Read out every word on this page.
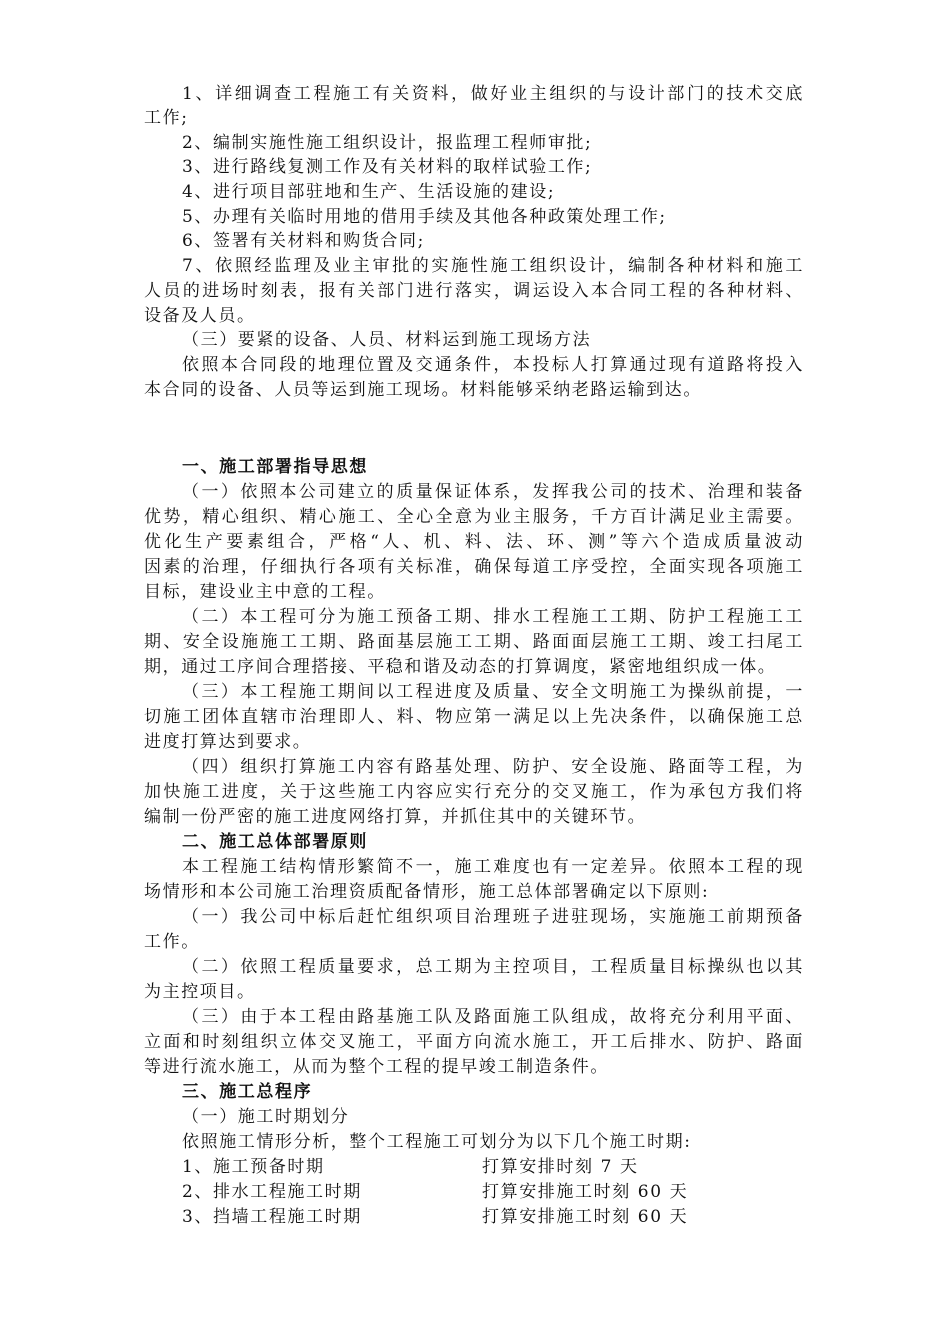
1、详细调查工程施工有关资料，做好业主组织的与设计部门的技术交底
工作;
2、编制实施性施工组织设计，报监理工程师审批;
3、进行路线复测工作及有关材料的取样试验工作;
4、进行项目部驻地和生产、生活设施的建设;
5、办理有关临时用地的借用手续及其他各种政策处理工作;
6、签署有关材料和购货合同;
7、依照经监理及业主审批的实施性施工组织设计，编制各种材料和施工
人员的进场时刻表，报有关部门进行落实，调运设入本合同工程的各种材料、
设备及人员。
（三）要紧的设备、人员、材料运到施工现场方法
依照本合同段的地理位置及交通条件，本投标人打算通过现有道路将投入
本合同的设备、人员等运到施工现场。材料能够采纳老路运输到达。
一、施工部署指导思想
（一）依照本公司建立的质量保证体系，发挥我公司的技术、治理和装备
优势，精心组织、精心施工、全心全意为业主服务，千方百计满足业主需要。
优化生产要素组合，严格“人、机、料、法、环、测”等六个造成质量波动
因素的治理，仔细执行各项有关标准，确保每道工序受控，全面实现各项施工
目标，建设业主中意的工程。
（二）本工程可分为施工预备工期、排水工程施工工期、防护工程施工工
期、安全设施施工工期、路面基层施工工期、路面面层施工工期、竣工扫尾工
期，通过工序间合理搭接、平稳和谐及动态的打算调度，紧密地组织成一体。
（三）本工程施工期间以工程进度及质量、安全文明施工为操纵前提，一
切施工团体直辖市治理即人、料、物应第一满足以上先决条件，以确保施工总
进度打算达到要求。
（四）组织打算施工内容有路基处理、防护、安全设施、路面等工程，为
加快施工进度，关于这些施工内容应实行充分的交叉施工，作为承包方我们将
编制一份严密的施工进度网络打算，并抓住其中的关键环节。
二、施工总体部署原则
本工程施工结构情形繁简不一，施工难度也有一定差异。依照本工程的现
场情形和本公司施工治理资质配备情形，施工总体部署确定以下原则:
（一）我公司中标后赶忙组织项目治理班子进驻现场，实施施工前期预备
工作。
（二）依照工程质量要求，总工期为主控项目，工程质量目标操纵也以其
为主控项目。
（三）由于本工程由路基施工队及路面施工队组成，故将充分利用平面、
立面和时刻组织立体交叉施工，平面方向流水施工，开工后排水、防护、路面
等进行流水施工，从而为整个工程的提早竣工制造条件。
三、施工总程序
（一）施工时期划分
依照施工情形分析，整个工程施工可划分为以下几个施工时期:
1、施工预备时期	打算安排时刻 7 天
2、排水工程施工时期	打算安排施工时刻 60 天
3、挡墙工程施工时期	打算安排施工时刻 60 天
